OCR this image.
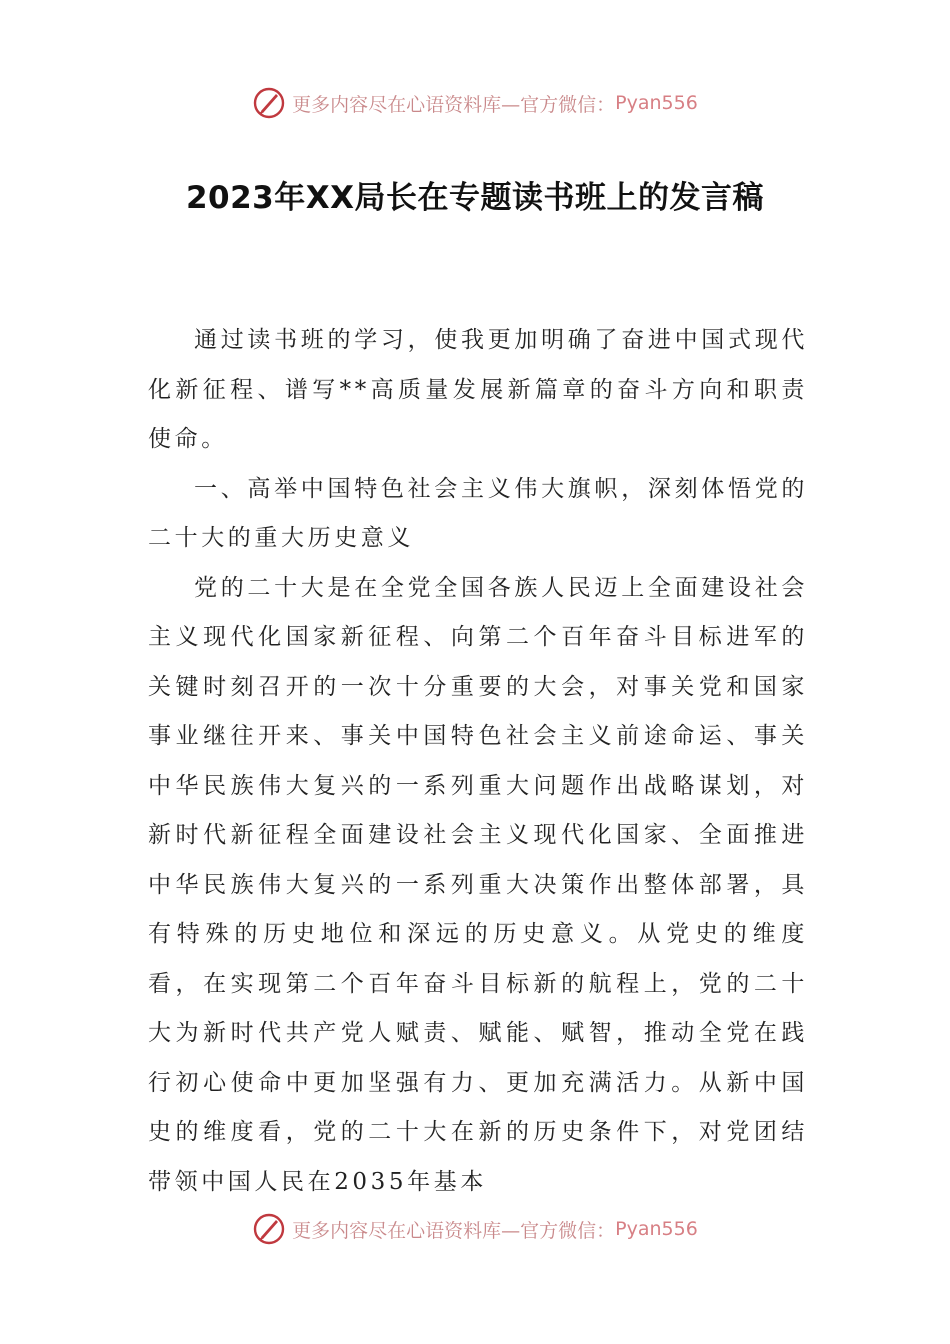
更多内容尽在心语资料库—官方微信： Pyan556
2023年XX局长在专题读书班上的发言稿

通过读书班的学习，使我更加明确了奋进中国式现代化新征程、谱写**高质量发展新篇章的奋斗方向和职责使命。

一、高举中国特色社会主义伟大旗帜，深刻体悟党的二十大的重大历史意义

党的二十大是在全党全国各族人民迈上全面建设社会主义现代化国家新征程、向第二个百年奋斗目标进军的关键时刻召开的一次十分重要的大会，对事关党和国家事业继往开来、事关中国特色社会主义前途命运、事关中华民族伟大复兴的一系列重大问题作出战略谋划，对新时代新征程全面建设社会主义现代化国家、全面推进中华民族伟大复兴的一系列重大决策作出整体部署，具有特殊的历史地位和深远的历史意义。从党史的维度看，在实现第二个百年奋斗目标新的航程上，党的二十大为新时代共产党人赋责、赋能、赋智，推动全党在践行初心使命中更加坚强有力、更加充满活力。从新中国史的维度看，党的二十大在新的历史条件下，对党团结带领中国人民在2035年基本

更多内容尽在心语资料库—官方微信： Pyan556
